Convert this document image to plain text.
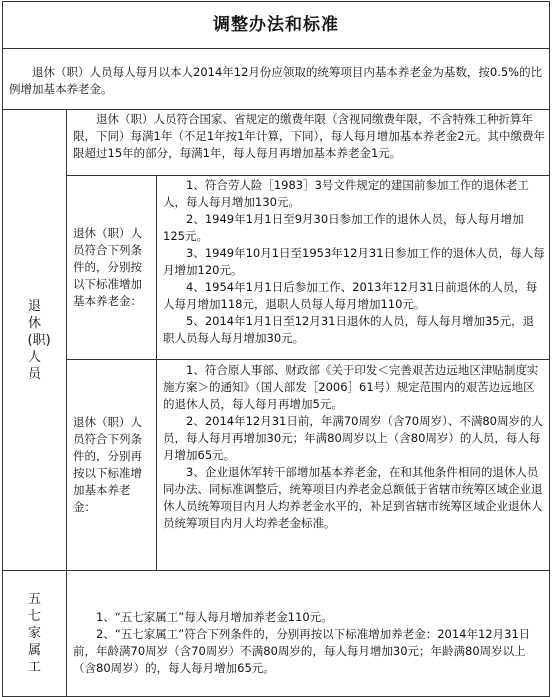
调整办法和标准		

退休（职）人员每人每月以本人2014年12月份应领取的统筹项目内基本养老金为基数，按0.5%的比例增加基本养老金。		

退休(职)人员	退休（职）人员符合国家、省规定的缴费年限（含视同缴费年限，不含特殊工种折算年限，下同）每满1年（不足1年按1年计算，下同），每人每月增加基本养老金2元。其中缴费年限超过15年的部分，每满1年，每人每月再增加基本养老金1元。	

	退休（职）人员符合下列条件的，分别按以下标准增加基本养老金：	1、符合劳人险［1983］3号文件规定的建国前参加工作的退休老工人，每人每月增加130元。

2、1949年1月1日至9月30日参加工作的退休人员，每人每月增加125元。

3、1949年10月1日至1953年12月31日参加工作的退休人员，每人每月增加120元。

4、1954年1月1日后参加工作、2013年12月31日前退休的人员，每人每月增加118元，退职人员每人每月增加110元。

5、2014年1月1日至12月31日退休的人员，每人每月增加35元，退职人员每人每月增加30元。

	退休（职）人员符合下列条件的，分别再按以下标准增加基本养老金：	1、符合原人事部、财政部《关于印发＜完善艰苦边远地区津贴制度实施方案＞的通知》（国人部发［2006］61号）规定范围内的艰苦边远地区的退休人员，每人每月再增加5元。

2、2014年12月31日前，年满70周岁（含70周岁）、不满80周岁的人员，每人每月再增加30元；年满80周岁以上（含80周岁）的人员，每人每月增加65元。

3、企业退休军转干部增加基本养老金，在和其他条件相同的退休人员同办法、同标准调整后，统筹项目内养老金总额低于省辖市统筹区域企业退休人员统筹项目内月人均养老金水平的，补足到省辖市统筹区域企业退休人员统筹项目内月人均养老金标准。

五七家属工	1、“五七家属工”每人每月增加养老金110元。

2、“五七家属工”符合下列条件的，分别再按以下标准增加养老金：2014年12月31日前，年龄满70周岁（含70周岁）不满80周岁的，每人每月增加30元；年龄满80周岁以上（含80周岁）的，每人每月增加65元。	
